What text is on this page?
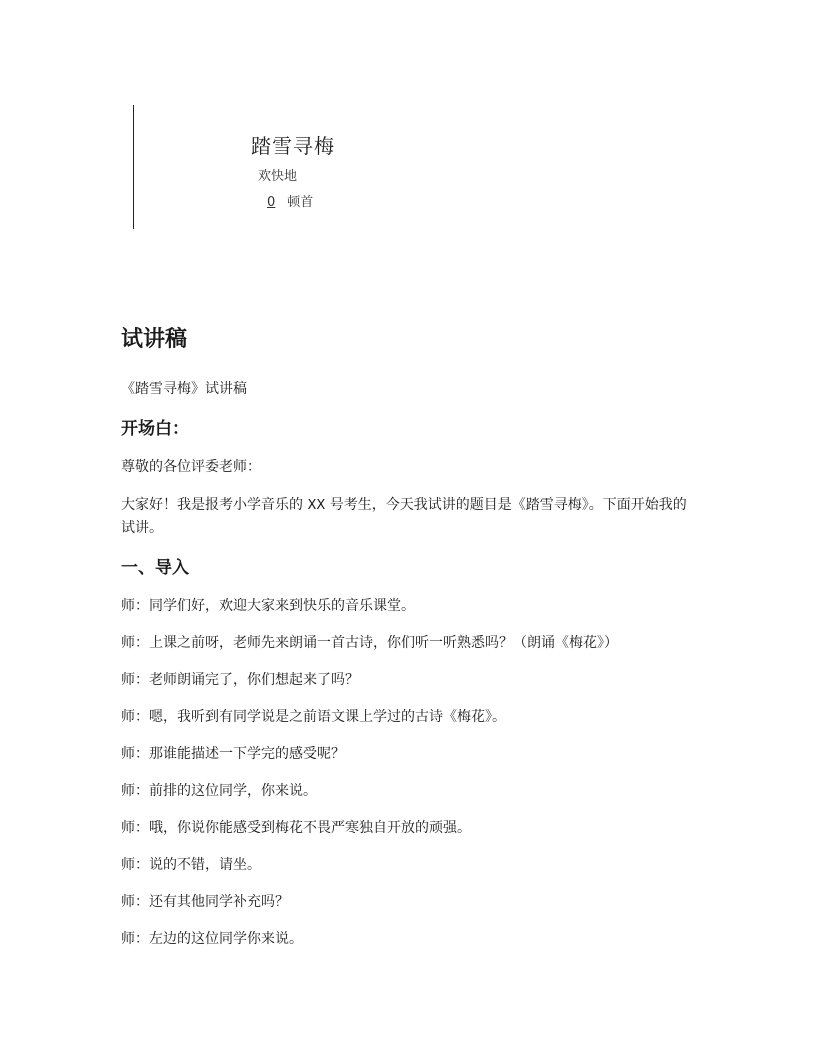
踏雪寻梅
欢快地
0 顿首
试讲稿

《踏雪寻梅》试讲稿

开场白：

尊敬的各位评委老师：

大家好！我是报考小学音乐的 XX 号考生，今天我试讲的题目是《踏雪寻梅》。下面开始我的试讲。

一、导入

师：同学们好，欢迎大家来到快乐的音乐课堂。

师：上课之前呀，老师先来朗诵一首古诗，你们听一听熟悉吗？（朗诵《梅花》）

师：老师朗诵完了，你们想起来了吗？

师：嗯，我听到有同学说是之前语文课上学过的古诗《梅花》。

师：那谁能描述一下学完的感受呢？

师：前排的这位同学，你来说。

师：哦，你说你能感受到梅花不畏严寒独自开放的顽强。

师：说的不错，请坐。

师：还有其他同学补充吗？

师：左边的这位同学你来说。
